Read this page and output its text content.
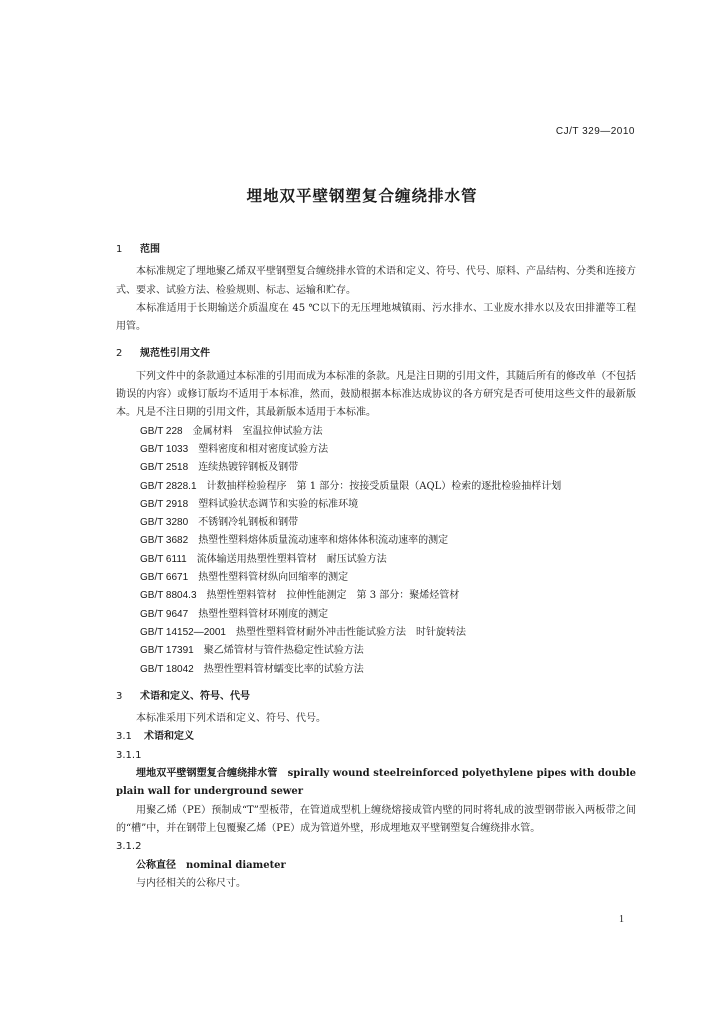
CJ/T 329—2010
埋地双平壁钢塑复合缠绕排水管
1 范围
本标准规定了埋地聚乙烯双平壁钢塑复合缠绕排水管的术语和定义、符号、代号、原料、产品结构、分类和连接方式、要求、试验方法、检验规则、标志、运输和贮存。
本标准适用于长期输送介质温度在 45 ℃以下的无压埋地城镇雨、污水排水、工业废水排水以及农田排灌等工程用管。
2 规范性引用文件
下列文件中的条款通过本标准的引用而成为本标准的条款。凡是注日期的引用文件，其随后所有的修改单（不包括勘误的内容）或修订版均不适用于本标准，然而，鼓励根据本标准达成协议的各方研究是否可使用这些文件的最新版本。凡是不注日期的引用文件，其最新版本适用于本标准。
GB/T 228 金属材料　室温拉伸试验方法
GB/T 1033 塑料密度和相对密度试验方法
GB/T 2518 连续热镀锌钢板及钢带
GB/T 2828.1 计数抽样检验程序　第 1 部分：按接受质量限（AQL）检索的逐批检验抽样计划
GB/T 2918 塑料试验状态调节和实验的标准环境
GB/T 3280 不锈钢冷轧钢板和钢带
GB/T 3682 热塑性塑料熔体质量流动速率和熔体体积流动速率的测定
GB/T 6111 流体输送用热塑性塑料管材　耐压试验方法
GB/T 6671 热塑性塑料管材纵向回缩率的测定
GB/T 8804.3 热塑性塑料管材　拉伸性能测定　第 3 部分：聚烯烃管材
GB/T 9647 热塑性塑料管材环刚度的测定
GB/T 14152—2001 热塑性塑料管材耐外冲击性能试验方法　时针旋转法
GB/T 17391 聚乙烯管材与管件热稳定性试验方法
GB/T 18042 热塑性塑料管材蠕变比率的试验方法
3 术语和定义、符号、代号
本标准采用下列术语和定义、符号、代号。
3.1 术语和定义
3.1.1
埋地双平壁钢塑复合缠绕排水管　 spirally wound steelreinforced polyethylene pipes with double plain wall for underground sewer
用聚乙烯（PE）预制成“T”型板带，在管道成型机上缠绕熔接成管内壁的同时将轧成的波型钢带嵌入两板带之间的“槽”中，并在钢带上包覆聚乙烯（PE）成为管道外壁，形成埋地双平壁钢塑复合缠绕排水管。
3.1.2
公称直径　 nominal diameter
与内径相关的公称尺寸。
1
